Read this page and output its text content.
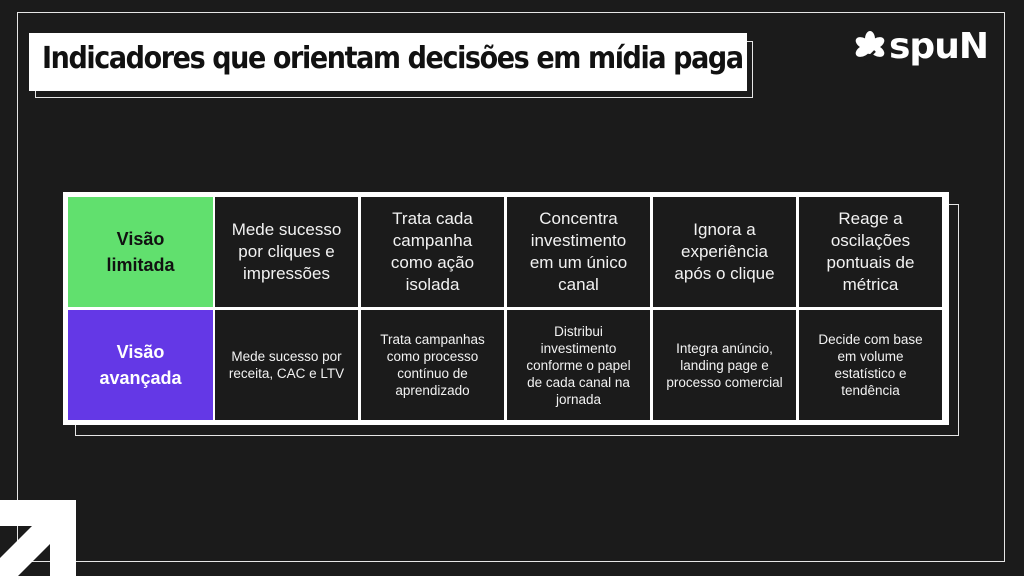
Indicadores que orientam decisões em mídia paga	spuN
Visão limitada
Mede sucesso por cliques e impressões
Trata cada campanha como ação isolada
Concentra investimento em um único canal
Ignora a experiência após o clique
Reage a oscilações pontuais de métrica
Visão avançada
Mede sucesso por receita, CAC e LTV
Trata campanhas como processo contínuo de aprendizado
Distribui investimento conforme o papel de cada canal na jornada
Integra anúncio, landing page e processo comercial
Decide com base em volume estatístico e tendência
